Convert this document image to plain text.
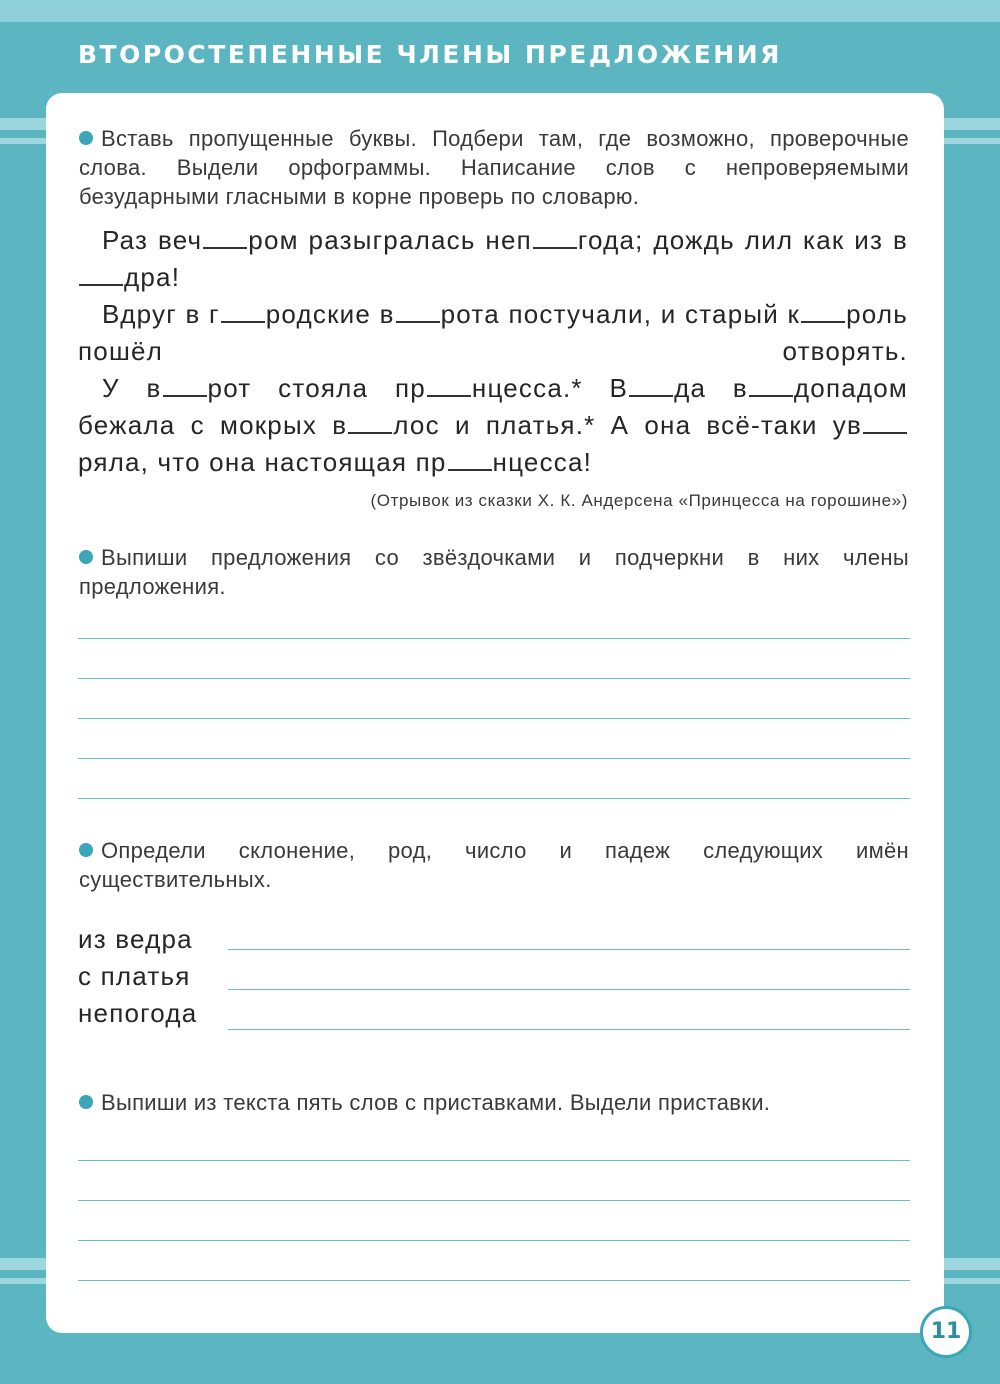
ВТОРОСТЕПЕННЫЕ ЧЛЕНЫ ПРЕДЛОЖЕНИЯ
Вставь пропущенные буквы. Подбери там, где возможно, проверочные слова. Выдели орфограммы. Написание слов с непроверяемыми безударными гласными в корне проверь по словарю.

Раз веч ром разыгралась неп года; дождь лил как из вдра!

Вдруг в г родские в рота постучали, и старый к роль пошёл отворять.

У в рот стояла пр нцесса.* В да в допадом бежала с мокрых в лос и платья.* А она всё-таки увряла, что она настоящая пр нцесса!

(Отрывок из сказки Х. К. Андерсена «Принцесса на горошине»)
Выпиши предложения со звёздочками и подчеркни в них члены предложения.
Определи склонение, род, число и падеж следующих имён существительных.
из ведра
с платья
непогода
Выпиши из текста пять слов с приставками. Выдели приставки.
11
